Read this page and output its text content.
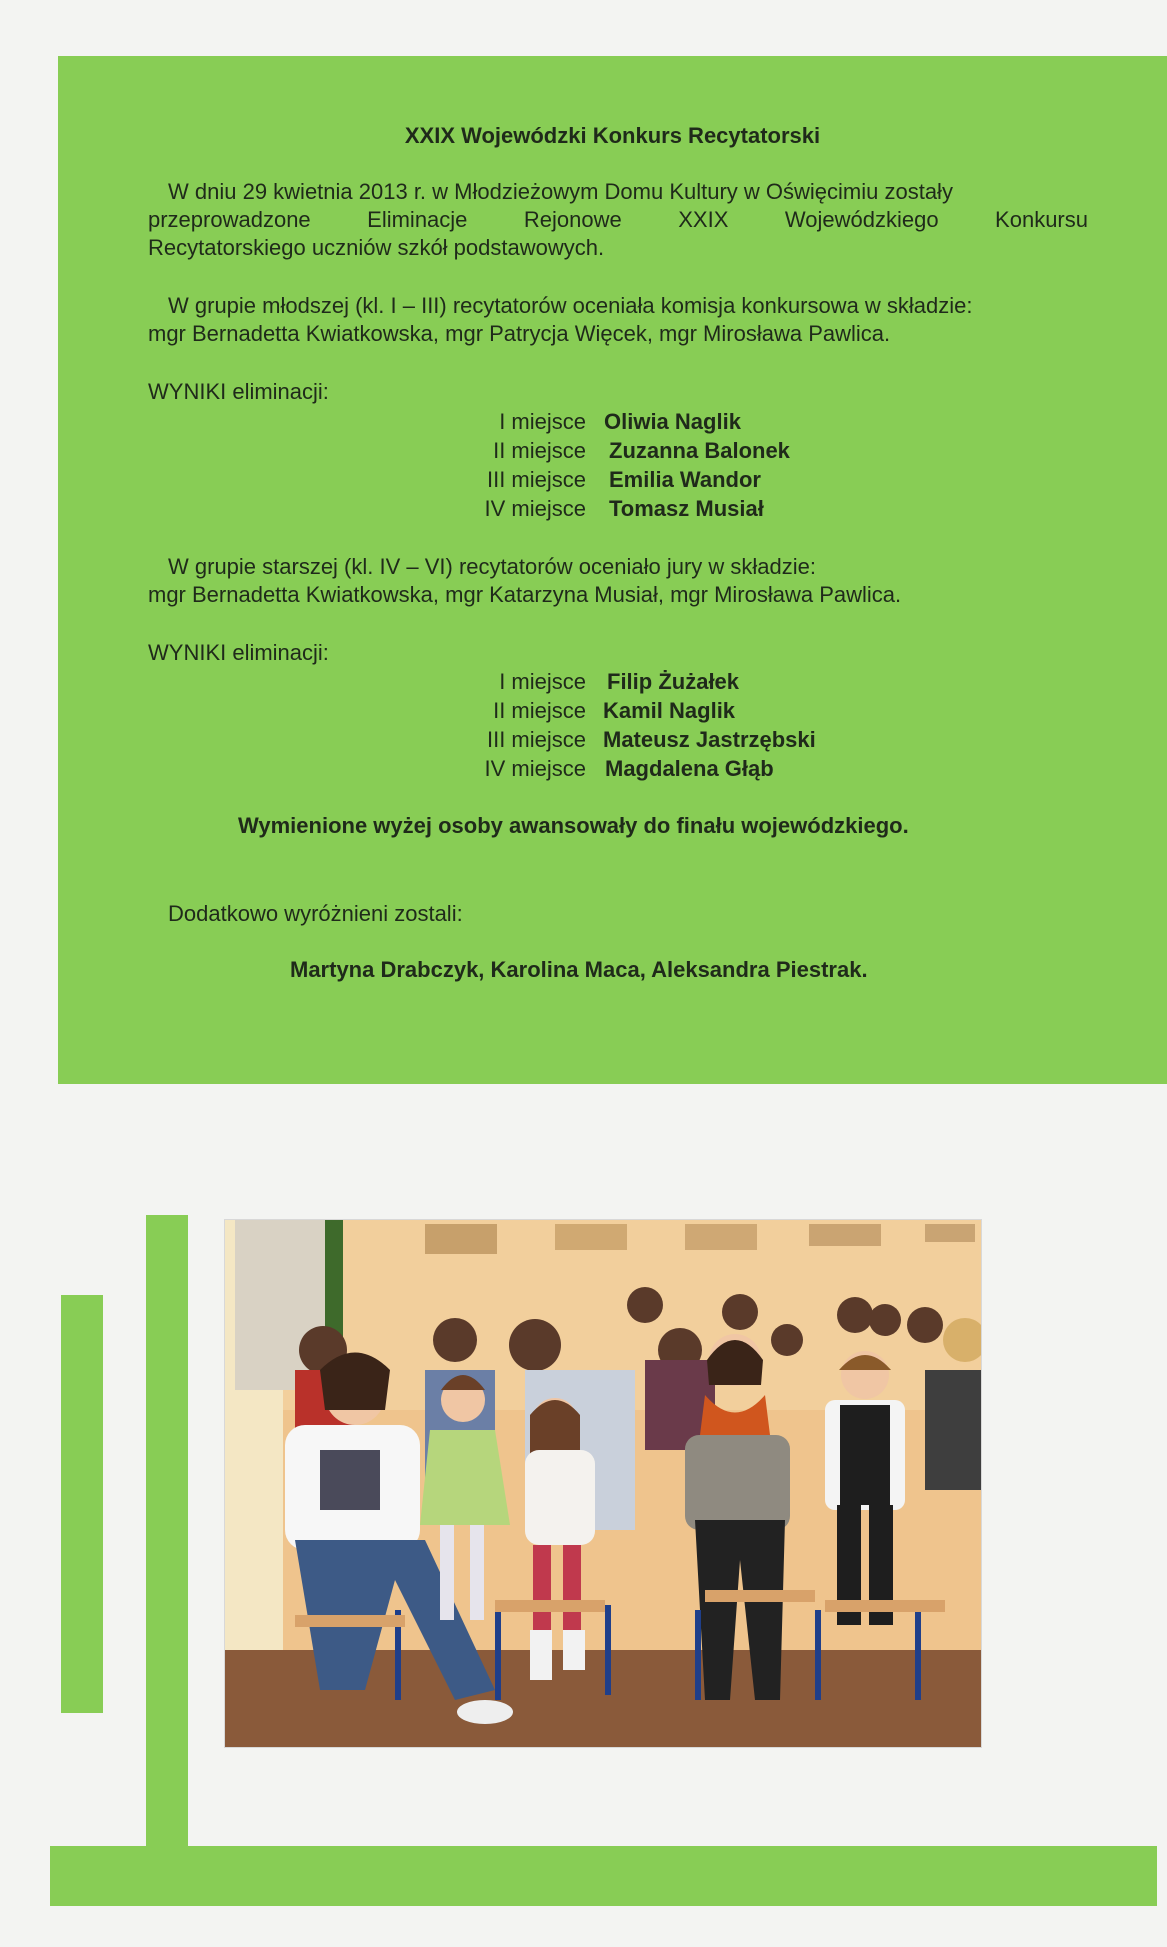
XXIX Wojewódzki Konkurs Recytatorski
W dniu 29 kwietnia 2013 r. w Młodzieżowym Domu Kultury w Oświęcimiu zostały
przeprowadzone Eliminacje Rejonowe XXIX Wojewódzkiego Konkursu
Recytatorskiego uczniów szkół podstawowych.
W grupie młodszej (kl. I – III) recytatorów oceniała komisja konkursowa w składzie:
mgr Bernadetta Kwiatkowska, mgr Patrycja Więcek, mgr Mirosława Pawlica.
WYNIKI eliminacji:
I miejsce Oliwia Naglik
II miejsce Zuzanna Balonek
III miejsce Emilia Wandor
IV miejsce Tomasz Musiał
W grupie starszej (kl. IV – VI) recytatorów oceniało jury w składzie:
mgr Bernadetta Kwiatkowska, mgr Katarzyna Musiał, mgr Mirosława Pawlica.
WYNIKI eliminacji:
I miejsce Filip Żużałek
II miejsce Kamil Naglik
III miejsce Mateusz Jastrzębski
IV miejsce Magdalena Głąb
Wymienione wyżej osoby awansowały do finału wojewódzkiego.
Dodatkowo wyróżnieni zostali:
Martyna Drabczyk, Karolina Maca, Aleksandra Piestrak.
